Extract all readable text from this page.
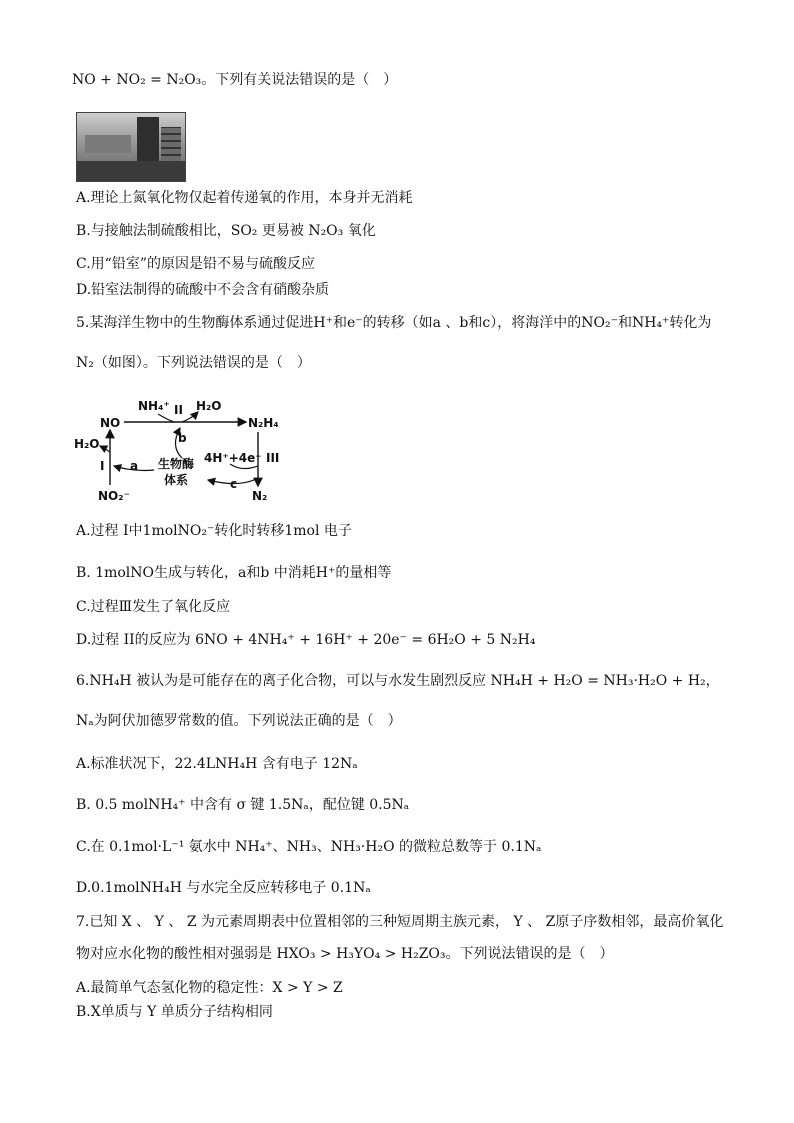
NO + NO₂ = N₂O₃。下列有关说法错误的是（　）
A.理论上氮氧化物仅起着传递氧的作用，本身并无消耗
B.与接触法制硫酸相比，SO₂ 更易被 N₂O₃ 氧化
C.用“铅室”的原因是铅不易与硫酸反应
D.铅室法制得的硫酸中不会含有硝酸杂质
5.某海洋生物中的生物酶体系通过促进H⁺和e⁻的转移（如a 、b和c），将海洋中的NO₂⁻和NH₄⁺转化为
N₂（如图）。下列说法错误的是（　）
NO
NH₄⁺ II H₂O
N₂H₄
b
H₂O
I a 生物酶
体系
4H⁺+4e⁻ III
c
NO₂⁻	N₂
A.过程 I中1molNO₂⁻转化时转移1mol 电子
B. 1molNO生成与转化，a和b 中消耗H⁺的量相等
C.过程Ⅲ发生了氧化反应
D.过程 II的反应为 6NO + 4NH₄⁺ + 16H⁺ + 20e⁻ = 6H₂O + 5 N₂H₄
6.NH₄H 被认为是可能存在的离子化合物，可以与水发生剧烈反应 NH₄H + H₂O = NH₃·H₂O + H₂，
Nₐ为阿伏加德罗常数的值。下列说法正确的是（　）
A.标准状况下，22.4LNH₄H 含有电子 12Nₐ
B. 0.5 molNH₄⁺ 中含有 σ 键 1.5Nₐ，配位键 0.5Nₐ
C.在 0.1mol·L⁻¹ 氨水中 NH₄⁺、NH₃、NH₃·H₂O 的微粒总数等于 0.1Nₐ
D.0.1molNH₄H 与水完全反应转移电子 0.1Nₐ
7.已知 X 、 Y 、 Z 为元素周期表中位置相邻的三种短周期主族元素， Y 、 Z原子序数相邻，最高价氧化
物对应水化物的酸性相对强弱是 HXO₃ > H₃YO₄ > H₂ZO₃。下列说法错误的是（　）
A.最简单气态氢化物的稳定性：X > Y > Z
B.X单质与 Y 单质分子结构相同
